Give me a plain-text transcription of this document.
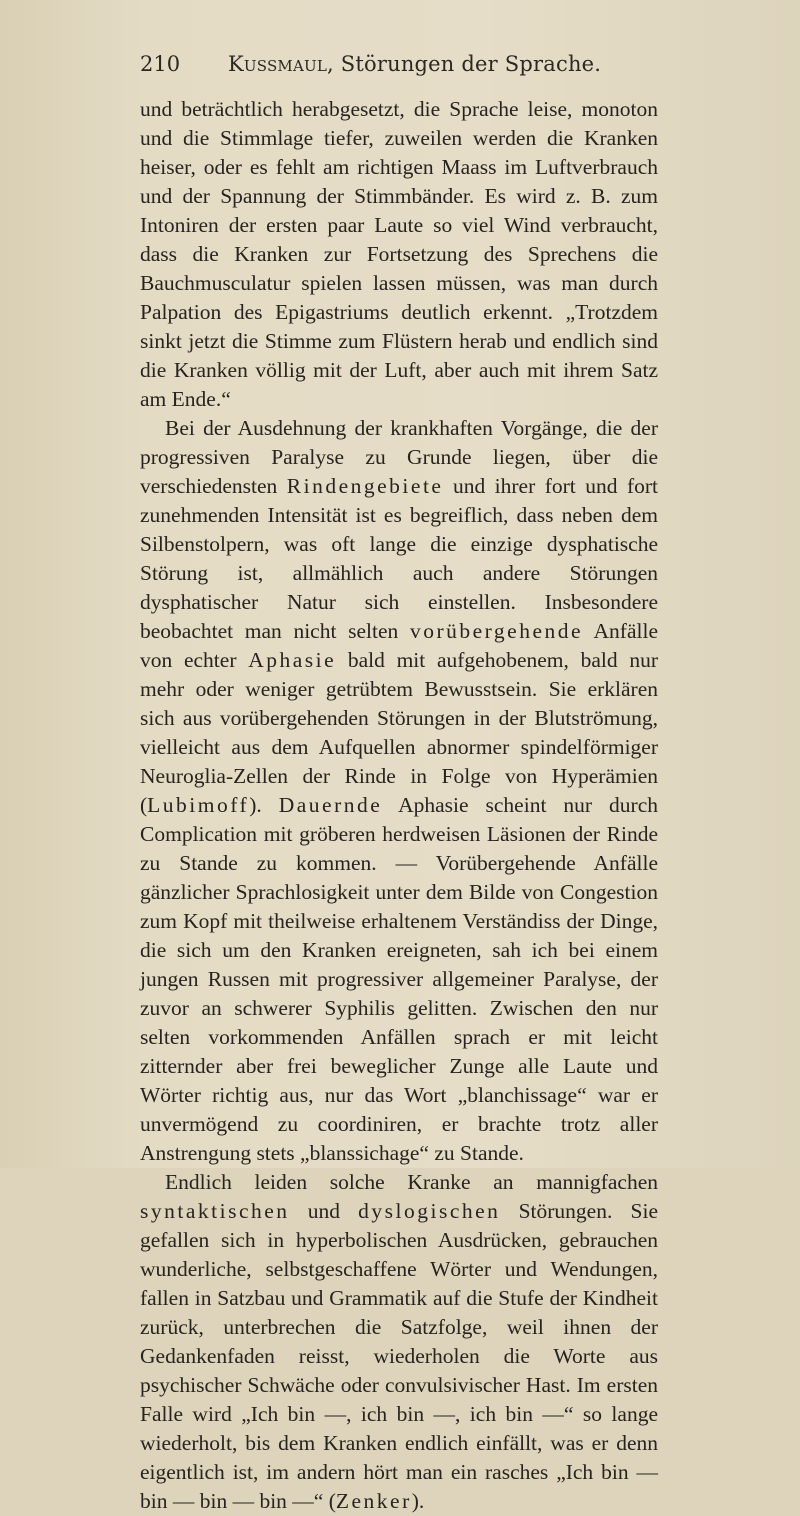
210 Kussmaul, Störungen der Sprache.

und beträchtlich herabgesetzt, die Sprache leise, monoton und die Stimmlage tiefer, zuweilen werden die Kranken heiser, oder es fehlt am richtigen Maass im Luftverbrauch und der Spannung der Stimmbänder. Es wird z. B. zum Intoniren der ersten paar Laute so viel Wind verbraucht, dass die Kranken zur Fortsetzung des Sprechens die Bauchmusculatur spielen lassen müssen, was man durch Palpation des Epigastriums deutlich erkennt. „Trotzdem sinkt jetzt die Stimme zum Flüstern herab und endlich sind die Kranken völlig mit der Luft, aber auch mit ihrem Satz am Ende.“

Bei der Ausdehnung der krankhaften Vorgänge, die der progressiven Paralyse zu Grunde liegen, über die verschiedensten Rindengebiete und ihrer fort und fort zunehmenden Intensität ist es begreiflich, dass neben dem Silbenstolpern, was oft lange die einzige dysphatische Störung ist, allmählich auch andere Störungen dysphatischer Natur sich einstellen. Insbesondere beobachtet man nicht selten vorübergehende Anfälle von echter Aphasie bald mit aufgehobenem, bald nur mehr oder weniger getrübtem Bewusstsein. Sie erklären sich aus vorübergehenden Störungen in der Blutströmung, vielleicht aus dem Aufquellen abnormer spindelförmiger Neuroglia-Zellen der Rinde in Folge von Hyperämien (Lubimoff). Dauernde Aphasie scheint nur durch Complication mit gröberen herdweisen Läsionen der Rinde zu Stande zu kommen. — Vorübergehende Anfälle gänzlicher Sprachlosigkeit unter dem Bilde von Congestion zum Kopf mit theilweise erhaltenem Verständiss der Dinge, die sich um den Kranken ereigneten, sah ich bei einem jungen Russen mit progressiver allgemeiner Paralyse, der zuvor an schwerer Syphilis gelitten. Zwischen den nur selten vorkommenden Anfällen sprach er mit leicht zitternder aber frei beweglicher Zunge alle Laute und Wörter richtig aus, nur das Wort „blanchissage“ war er unvermögend zu coordiniren, er brachte trotz aller Anstrengung stets „blanssichage“ zu Stande.

Endlich leiden solche Kranke an mannigfachen syntaktischen und dyslogischen Störungen. Sie gefallen sich in hyperbolischen Ausdrücken, gebrauchen wunderliche, selbstgeschaffene Wörter und Wendungen, fallen in Satzbau und Grammatik auf die Stufe der Kindheit zurück, unterbrechen die Satzfolge, weil ihnen der Gedankenfaden reisst, wiederholen die Worte aus psychischer Schwäche oder convulsivischer Hast. Im ersten Falle wird „Ich bin —, ich bin —, ich bin —“ so lange wiederholt, bis dem Kranken endlich einfällt, was er denn eigentlich ist, im andern hört man ein rasches „Ich bin — bin — bin — bin —“ (Zenker).
